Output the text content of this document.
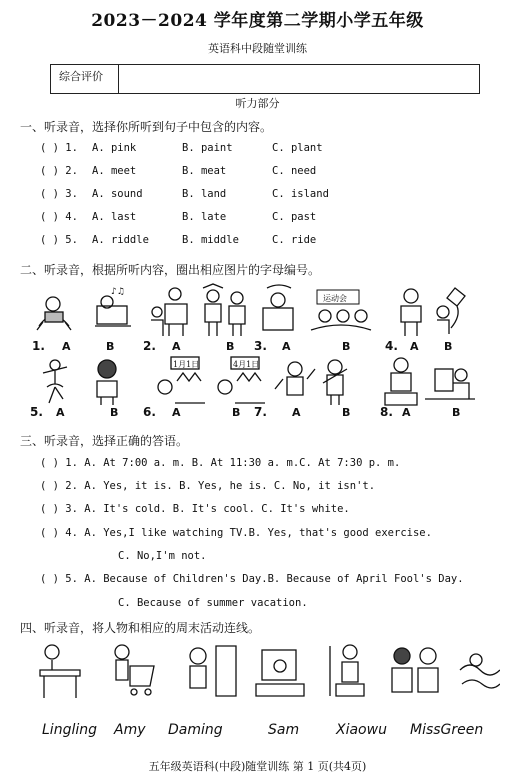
2023－2024 学年度第二学期小学五年级
英语科中段随堂训练
综合评价
听力部分
一、听录音，选择你所听到句子中包含的内容。
( ) 1. A. pink	B. paint	C. plant
( ) 2. A. meet	B. meat	C. need
( ) 3. A. sound	B. land	C. island
( ) 4. A. last	B. late	C. past
( ) 5. A. riddle	B. middle	C. ride
二、听录音，根据所听内容，圈出相应图片的字母编号。
♪♫
运动会
1.	2.	3.	4.
A	B	A	B	A	B	A B
1月1日	4月1日
5.	6.	7.	8.
A	B	A	B	A	B	A	B
三、听录音，选择正确的答语。
( ) 1. A. At 7:00 a. m. B. At 11:30 a. m.C. At 7:30 p. m.
( ) 2. A. Yes, it is. B. Yes, he is. C. No, it isn't.
( ) 3. A. It's cold. B. It's cool. C. It's white.
( ) 4. A. Yes,I like watching TV.B. Yes, that's good exercise.
C. No,I'm not.
( ) 5. A. Because of Children's Day.B. Because of April Fool's Day.
C. Because of summer vacation.
四、听录音，将人物和相应的周末活动连线。
Lingling Amy Daming	Sam	Xiaowu MissGreen
五年级英语科(中段)随堂训练 第 1 页(共4页)
